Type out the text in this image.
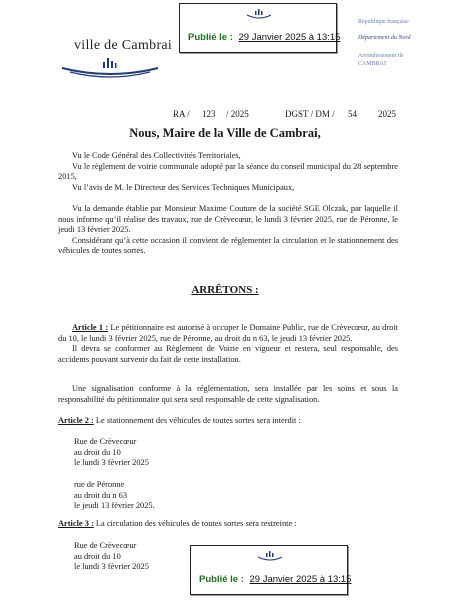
ville de Cambrai
République française
Département du Nord
Arrondissement de
CAMBRAI
Publié le : 29 Janvier 2025 à 13:15
RA / 123 / 2025	DGST / DM / 54 2025
Nous, Maire de la Ville de Cambrai,

Vu le Code Général des Collectivités Territoriales,

Vu le règlement de voirie communale adopté par la séance du conseil municipal du 28 septembre 2015,

Vu l’avis de M. le Directeur des Services Techniques Municipaux,

Vu la demande établie par Monsieur Maxime Couture de la société SGE Olczak, par laquelle il nous informe qu’il réalise des travaux, rue de Crèvecœur, le lundi 3 février 2025, rue de Péronne, le jeudi 13 février 2025.

Considérant qu’à cette occasion il convient de réglementer la circulation et le stationnement des véhicules de toutes sortes.

ARRÊTONS :

Article 1 : Le pétitionnaire est autorisé à occuper le Domaine Public, rue de Crèvecœur, au droit du 10, le lundi 3 février 2025, rue de Péronne, au droit du n 63, le jeudi 13 février 2025.

Il devra se conformer au Règlement de Voirie en vigueur et restera, seul responsable, des accidents pouvant survenir du fait de cette installation.

Une signalisation conforme à la réglementation, sera installée par les soins et sous la responsabilité du pétitionnaire qui sera seul responsable de cette signalisation.

Article 2 : Le stationnement des véhicules de toutes sortes sera interdit :

Rue de Crèvecœur
au droit du 10
le lundi 3 février 2025
rue de Péronne
au droit du n 63
le jeudi 13 février 2025.

Article 3 : La circulation des véhicules de toutes sortes sera restreinte :

Rue de Crèvecœur
au droit du 10
le lundi 3 février 2025
Publié le : 29 Janvier 2025 à 13:15
